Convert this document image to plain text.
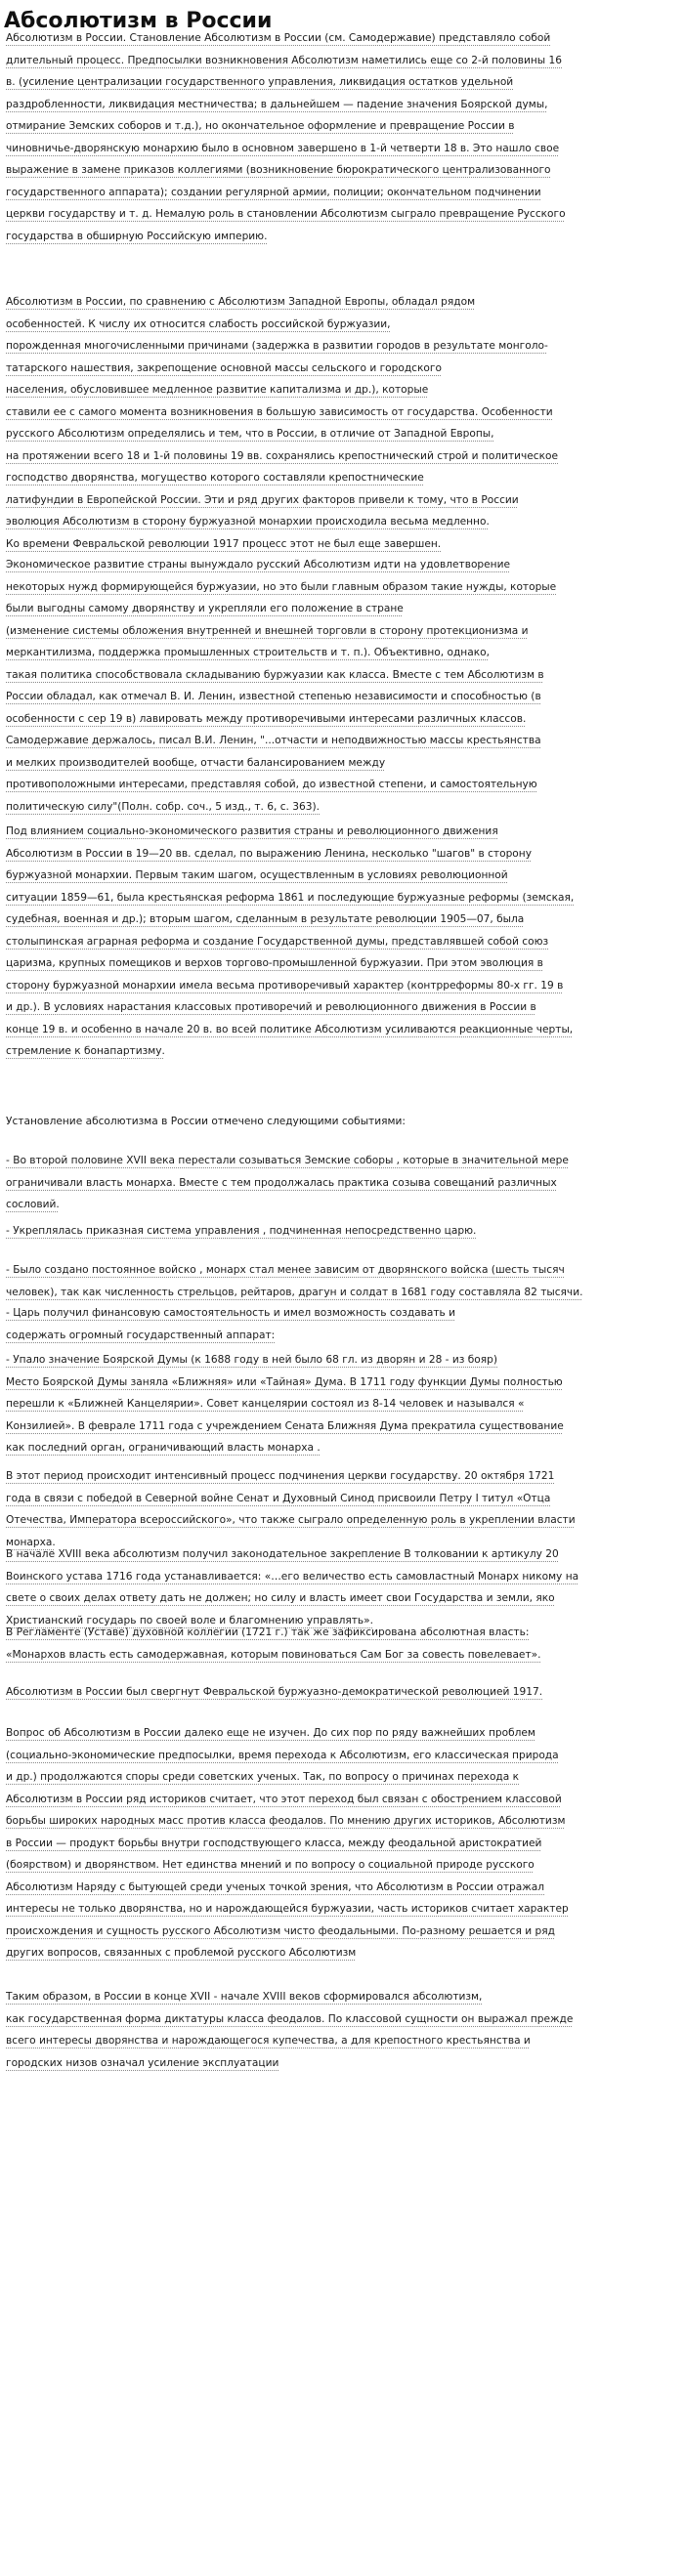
Абсолютизм в России
Абсолютизм в России. Становление Абсолютизм в России (см. Самодержавие) представляло собой
длительный процесс. Предпосылки возникновения Абсолютизм наметились еще со 2-й половины 16
в. (усиление централизации государственного управления, ликвидация остатков удельной
раздробленности, ликвидация местничества; в дальнейшем — падение значения Боярской думы,
отмирание Земских соборов и т.д.), но окончательное оформление и превращение России в
чиновничье-дворянскую монархию было в основном завершено в 1-й четверти 18 в. Это нашло свое
выражение в замене приказов коллегиями (возникновение бюрократического централизованного
государственного аппарата); создании регулярной армии, полиции; окончательном подчинении
церкви государству и т. д. Немалую роль в становлении Абсолютизм сыграло превращение Русского
государства в обширную Российскую империю.
Абсолютизм в России, по сравнению с Абсолютизм Западной Европы, обладал рядом
особенностей. К числу их относится слабость российской буржуазии,
порожденная многочисленными причинами (задержка в развитии городов в результате монголо-
татарского нашествия, закрепощение основной массы сельского и городского
населения, обусловившее медленное развитие капитализма и др.), которые
ставили ее с самого момента возникновения в большую зависимость от государства. Особенности
русского Абсолютизм определялись и тем, что в России, в отличие от Западной Европы,
на протяжении всего 18 и 1-й половины 19 вв. сохранялись крепостнический строй и политическое
господство дворянства, могущество которого составляли крепостнические
латифундии в Европейской России. Эти и ряд других факторов привели к тому, что в России
эволюция Абсолютизм в сторону буржуазной монархии происходила весьма медленно.
Ко времени Февральской революции 1917 процесс этот не был еще завершен.
Экономическое развитие страны вынуждало русский Абсолютизм идти на удовлетворение
некоторых нужд формирующейся буржуазии, но это были главным образом такие нужды, которые
были выгодны самому дворянству и укрепляли его положение в стране
(изменение системы обложения внутренней и внешней торговли в сторону протекционизма и
меркантилизма, поддержка промышленных строительств и т. п.). Объективно, однако,
такая политика способствовала складыванию буржуазии как класса. Вместе с тем Абсолютизм в
России обладал, как отмечал В. И. Ленин, известной степенью независимости и способностью (в
особенности с сер 19 в) лавировать между противоречивыми интересами различных классов.
Самодержавие держалось, писал В.И. Ленин, "...отчасти и неподвижностью массы крестьянства
и мелких производителей вообще, отчасти балансированием между
противоположными интересами, представляя собой, до известной степени, и самостоятельную
политическую силу"(Полн. собр. соч., 5 изд., т. 6, с. 363).
Под влиянием социально-экономического развития страны и революционного движения
Абсолютизм в России в 19—20 вв. сделал, по выражению Ленина, несколько "шагов" в сторону
буржуазной монархии. Первым таким шагом, осуществленным в условиях революционной
ситуации 1859—61, была крестьянская реформа 1861 и последующие буржуазные реформы (земская,
судебная, военная и др.); вторым шагом, сделанным в результате революции 1905—07, была
столыпинская аграрная реформа и создание Государственной думы, представлявшей собой союз
царизма, крупных помещиков и верхов торгово-промышленной буржуазии. При этом эволюция в
сторону буржуазной монархии имела весьма противоречивый характер (контрреформы 80-х гг. 19 в
и др.). В условиях нарастания классовых противоречий и революционного движения в России в
конце 19 в. и особенно в начале 20 в. во всей политике Абсолютизм усиливаются реакционные черты,
стремление к бонапартизму.
Установление абсолютизма в России отмечено следующими событиями:
- Во второй половине XVII века перестали созываться Земские соборы , которые в значительной мере
ограничивали власть монарха. Вместе с тем продолжалась практика созыва совещаний различных
сословий.
- Укреплялась приказная система управления , подчиненная непосредственно царю.
- Было создано постоянное войско , монарх стал менее зависим от дворянского войска (шесть тысяч
человек), так как численность стрельцов, рейтаров, драгун и солдат в 1681 году составляла 82 тысячи.
- Царь получил финансовую самостоятельность и имел возможность создавать и
содержать огромный государственный аппарат:
- Упало значение Боярской Думы (к 1688 году в ней было 68 гл. из дворян и 28 - из бояр)
Место Боярской Думы заняла «Ближняя» или «Тайная» Дума. В 1711 году функции Думы полностью
перешли к «Ближней Канцелярии». Совет канцелярии состоял из 8-14 человек и назывался «
Конзилией». В феврале 1711 года с учреждением Сената Ближняя Дума прекратила существование
как последний орган, ограничивающий власть монарха .
В этот период происходит интенсивный процесс подчинения церкви государству. 20 октября 1721
года в связи с победой в Северной войне Сенат и Духовный Синод присвоили Петру I титул «Отца
Отечества, Императора всероссийского», что также сыграло определенную роль в укреплении власти
монарха.
В начале XVIII века абсолютизм получил законодательное закрепление В толковании к артикулу 20
Воинского устава 1716 года устанавливается: «…его величество есть самовластный Монарх никому на
свете о своих делах ответу дать не должен; но силу и власть имеет свои Государства и земли, яко
Христианский государь по своей воле и благомнению управлять».
В Регламенте (Уставе) духовной коллегии (1721 г.) так же зафиксирована абсолютная власть:
«Монархов власть есть самодержавная, которым повиноваться Сам Бог за совесть повелевает».
Абсолютизм в России был свергнут Февральской буржуазно-демократической революцией 1917.
Вопрос об Абсолютизм в России далеко еще не изучен. До сих пор по ряду важнейших проблем
(социально-экономические предпосылки, время перехода к Абсолютизм, его классическая природа
и др.) продолжаются споры среди советских ученых. Так, по вопросу о причинах перехода к
Абсолютизм в России ряд историков считает, что этот переход был связан с обострением классовой
борьбы широких народных масс против класса феодалов. По мнению других историков, Абсолютизм
в России — продукт борьбы внутри господствующего класса, между феодальной аристократией
(боярством) и дворянством. Нет единства мнений и по вопросу о социальной природе русского
Абсолютизм Наряду с бытующей среди ученых точкой зрения, что Абсолютизм в России отражал
интересы не только дворянства, но и нарождающейся буржуазии, часть историков считает характер
происхождения и сущность русского Абсолютизм чисто феодальными. По-разному решается и ряд
других вопросов, связанных с проблемой русского Абсолютизм
Таким образом, в России в конце XVII - начале XVIII веков сформировался абсолютизм,
как государственная форма диктатуры класса феодалов. По классовой сущности он выражал прежде
всего интересы дворянства и нарождающегося купечества, а для крепостного крестьянства и
городских низов означал усиление эксплуатации
